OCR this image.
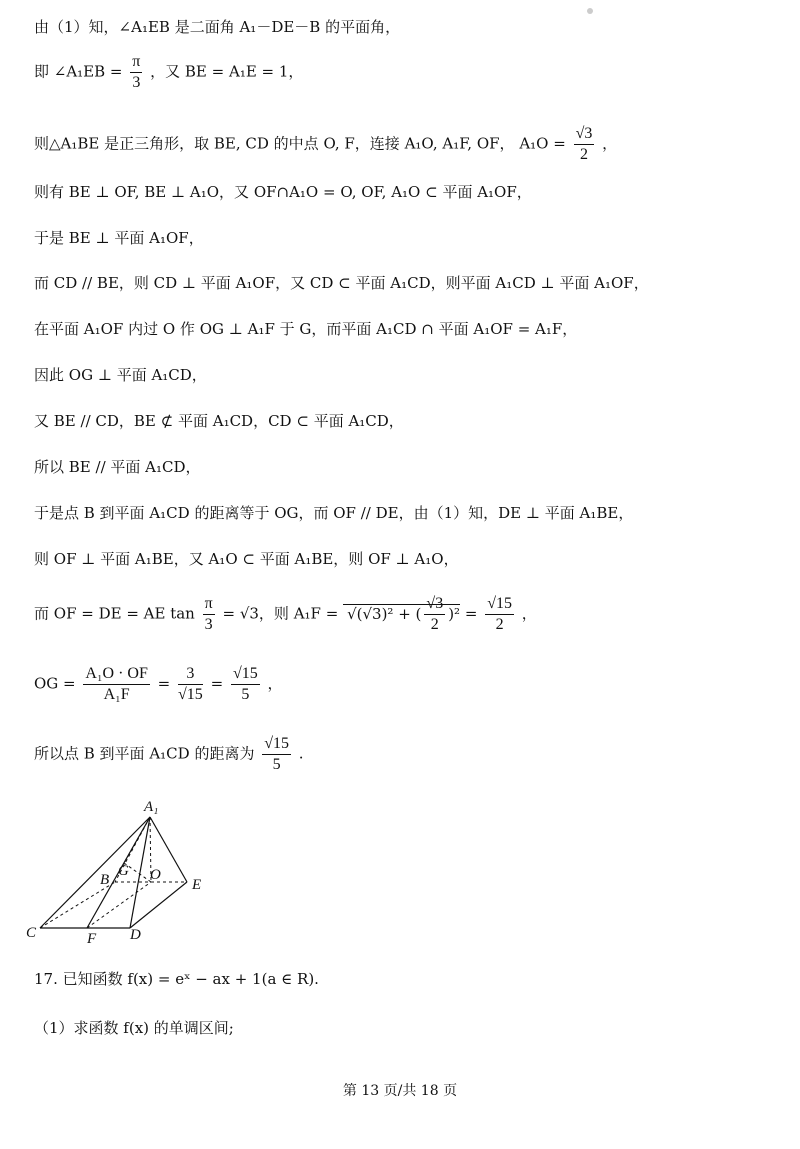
由（1）知，∠A₁EB 是二面角 A₁－DE－B 的平面角，
即 ∠A₁EB = $\frac{\pi}{3}$ ，又 BE = A₁E = 1，
则△A₁BE 是正三角形，取 BE, CD 的中点 O, F，连接 A₁O, A₁F, OF， $A_1O = \frac{√3}{2}$ ，
则有 BE ⊥ OF, BE ⊥ A₁O，又 OF∩A₁O = O, OF, A₁O ⊂ 平面 A₁OF，
于是 BE ⊥ 平面 A₁OF，
而 CD // BE，则 CD ⊥ 平面 A₁OF，又 CD ⊂ 平面 A₁CD，则平面 A₁CD ⊥ 平面 A₁OF，
在平面 A₁OF 内过 O 作 OG ⊥ A₁F 于 G，而平面 A₁CD ∩ 平面 A₁OF = A₁F，
因此 OG ⊥ 平面 A₁CD，
又 BE // CD，BE ⊄ 平面 A₁CD，CD ⊂ 平面 A₁CD，
所以 BE // 平面 A₁CD，
于是点 B 到平面 A₁CD 的距离等于 OG，而 OF // DE，由（1）知，DE ⊥ 平面 A₁BE，
则 OF ⊥ 平面 A₁BE，又 A₁O ⊂ 平面 A₁BE，则 OF ⊥ A₁O，
而 OF = DE = AE $\tan \frac{\pi}{3} = √3$，则 A₁F = √(√3)² + ( $\frac{√3}{2} )^2 = \frac{√15}{2}$ ，
OG = $\frac{\text{A₁O · OF}}{\text{A₁F}} = \frac{3}{√15} = \frac{√15}{5}$ ，
所以点 B 到平面 A₁CD 的距离为 $\frac{√15}{5}$ .
A₁
B
G O
E
C	F D
17. 已知函数 f(x) = eˣ − ax + 1(a ∈ R).
（1）求函数 f(x) 的单调区间;
第 13 页/共 18 页
